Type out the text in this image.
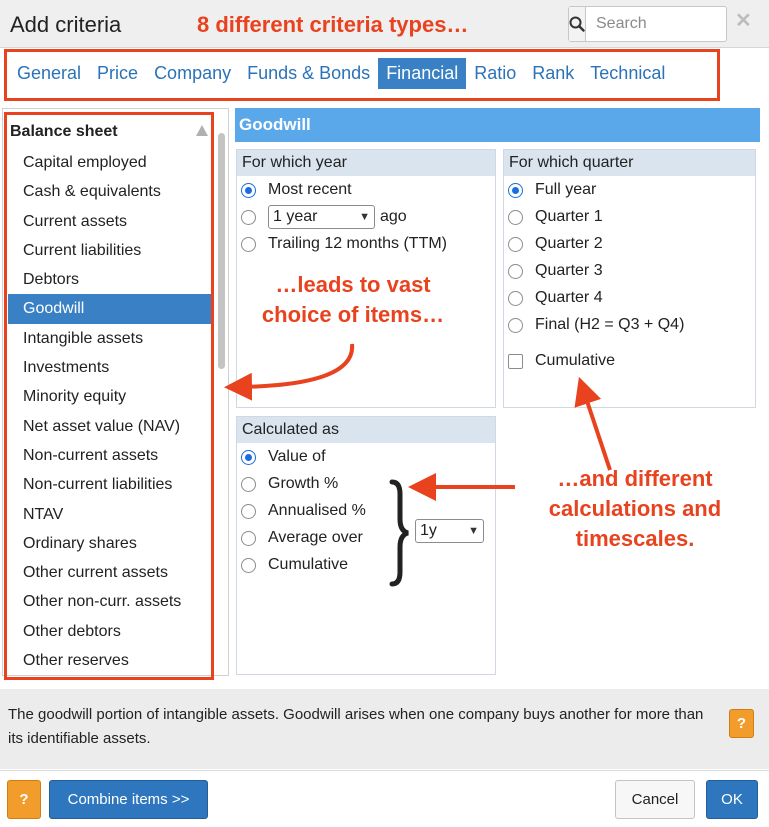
Add criteria	8 different criteria types…
Search	✕
General Price Company Funds & Bonds Financial Ratio Rank Technical
Balance sheet
Capital employed
Cash & equivalents
Current assets
Current liabilities
Debtors
Goodwill
Intangible assets
Investments
Minority equity
Net asset value (NAV)
Non-current assets
Non-current liabilities
NTAV
Ordinary shares
Other current assets
Other non-curr. assets
Other debtors
Other reserves
Goodwill
For which year
Most recent
1 year	▼ ago
Trailing 12 months (TTM)
For which quarter
Full year
Quarter 1
Quarter 2
Quarter 3
Quarter 4
Final (H2 = Q3 + Q4)
Cumulative
Calculated as
Value of
Growth %
Annualised %
Average over
Cumulative
1y	▼
…leads to vast
choice of items…
…and different
calculations and
timescales.
The goodwill portion of intangible assets. Goodwill arises when one company buys another for more than its identifiable assets.
?
?	Combine items >>	Cancel	OK
